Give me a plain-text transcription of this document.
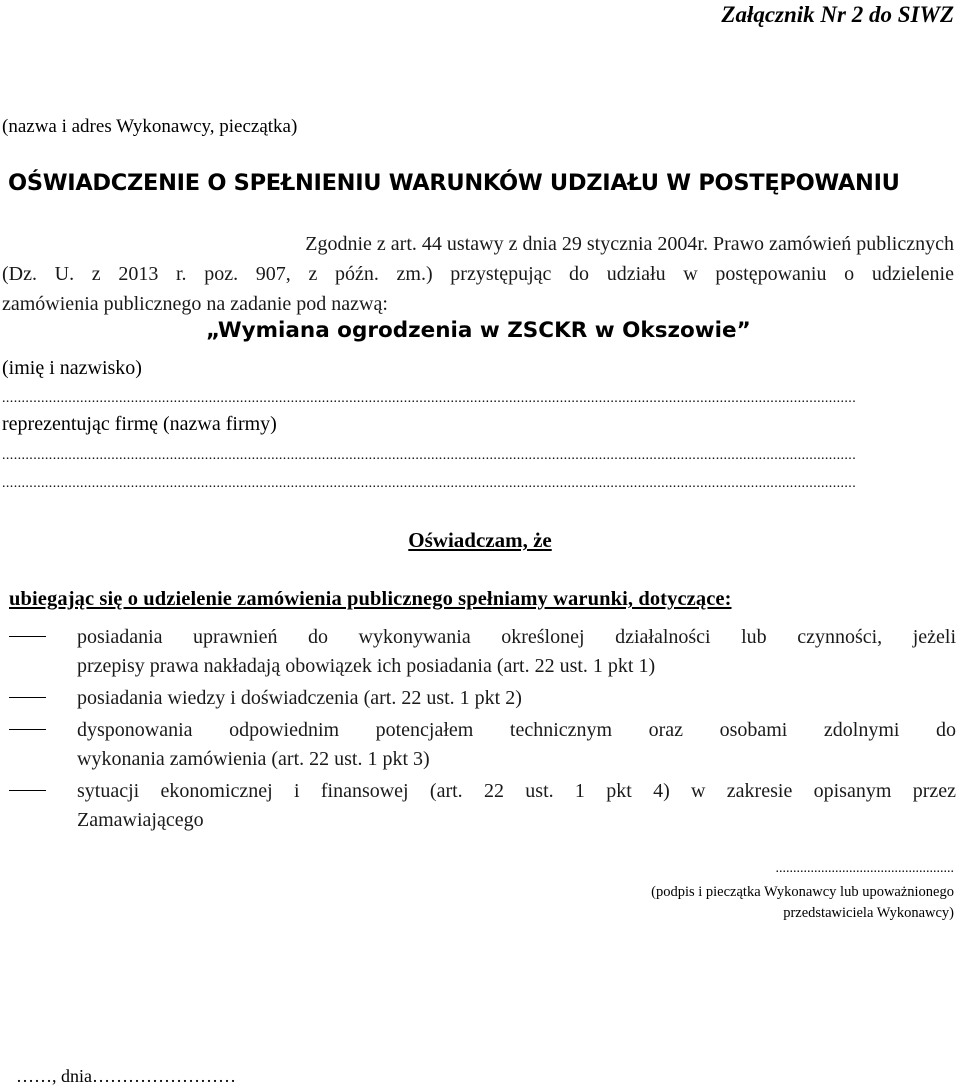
Załącznik Nr 2 do SIWZ
(nazwa i adres Wykonawcy, pieczątka)
OŚWIADCZENIE O SPEŁNIENIU WARUNKÓW UDZIAŁU W POSTĘPOWANIU
Zgodnie z art. 44 ustawy z dnia 29 stycznia 2004r. Prawo zamówień publicznych
(Dz. U. z 2013 r. poz. 907, z późn. zm.) przystępując do udziału w postępowaniu o udzielenie
zamówienia publicznego na zadanie pod nazwą:
„Wymiana ogrodzenia w ZSCKR w Okszowie”
(imię i nazwisko)
...........................................................................................................................................................................................................................
reprezentując firmę (nazwa firmy)
...........................................................................................................................................................................................................................
...........................................................................................................................................................................................................................
Oświadczam, że
ubiegając się o udzielenie zamówienia publicznego spełniamy warunki, dotyczące:
posiadania uprawnień do wykonywania określonej działalności lub czynności, jeżeli
przepisy prawa nakładają obowiązek ich posiadania (art. 22 ust. 1 pkt 1)
posiadania wiedzy i doświadczenia (art. 22 ust. 1 pkt 2)
dysponowania odpowiednim potencjałem technicznym oraz osobami zdolnymi do
wykonania zamówienia (art. 22 ust. 1 pkt 3)
sytuacji ekonomicznej i finansowej (art. 22 ust. 1 pkt 4) w zakresie opisanym przez
Zamawiającego
...................................................
(podpis i pieczątka Wykonawcy lub upoważnionego
przedstawiciela Wykonawcy)
……, dnia……………………
